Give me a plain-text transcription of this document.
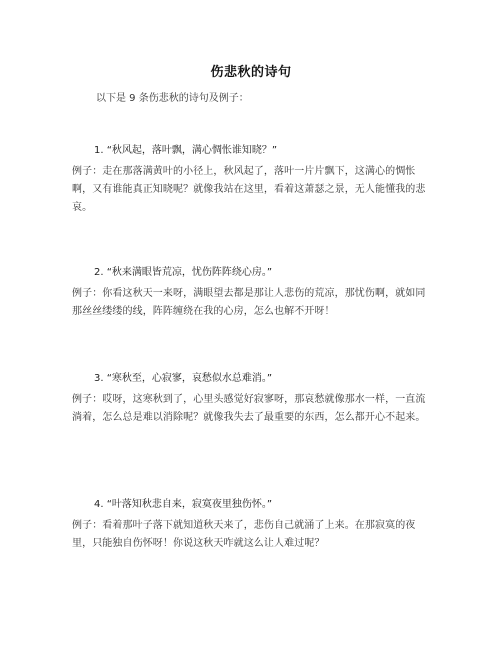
伤悲秋的诗句
以下是 9 条伤悲秋的诗句及例子：
1. “秋风起，落叶飘，满心惆怅谁知晓？”
例子：走在那落满黄叶的小径上，秋风起了，落叶一片片飘下，这满心的惆怅啊，又有谁能真正知晓呢？就像我站在这里，看着这萧瑟之景，无人能懂我的悲哀。
2. “秋来满眼皆荒凉，忧伤阵阵绕心房。”
例子：你看这秋天一来呀，满眼望去都是那让人悲伤的荒凉，那忧伤啊，就如同那丝丝缕缕的线，阵阵缠绕在我的心房，怎么也解不开呀！
3. “寒秋至，心寂寥，哀愁似水总难消。”
例子：哎呀，这寒秋到了，心里头感觉好寂寥呀，那哀愁就像那水一样，一直流淌着，怎么总是难以消除呢？就像我失去了最重要的东西，怎么都开心不起来。
4. “叶落知秋悲自来，寂寞夜里独伤怀。”
例子：看着那叶子落下就知道秋天来了，悲伤自己就涌了上来。在那寂寞的夜里，只能独自伤怀呀！你说这秋天咋就这么让人难过呢？
